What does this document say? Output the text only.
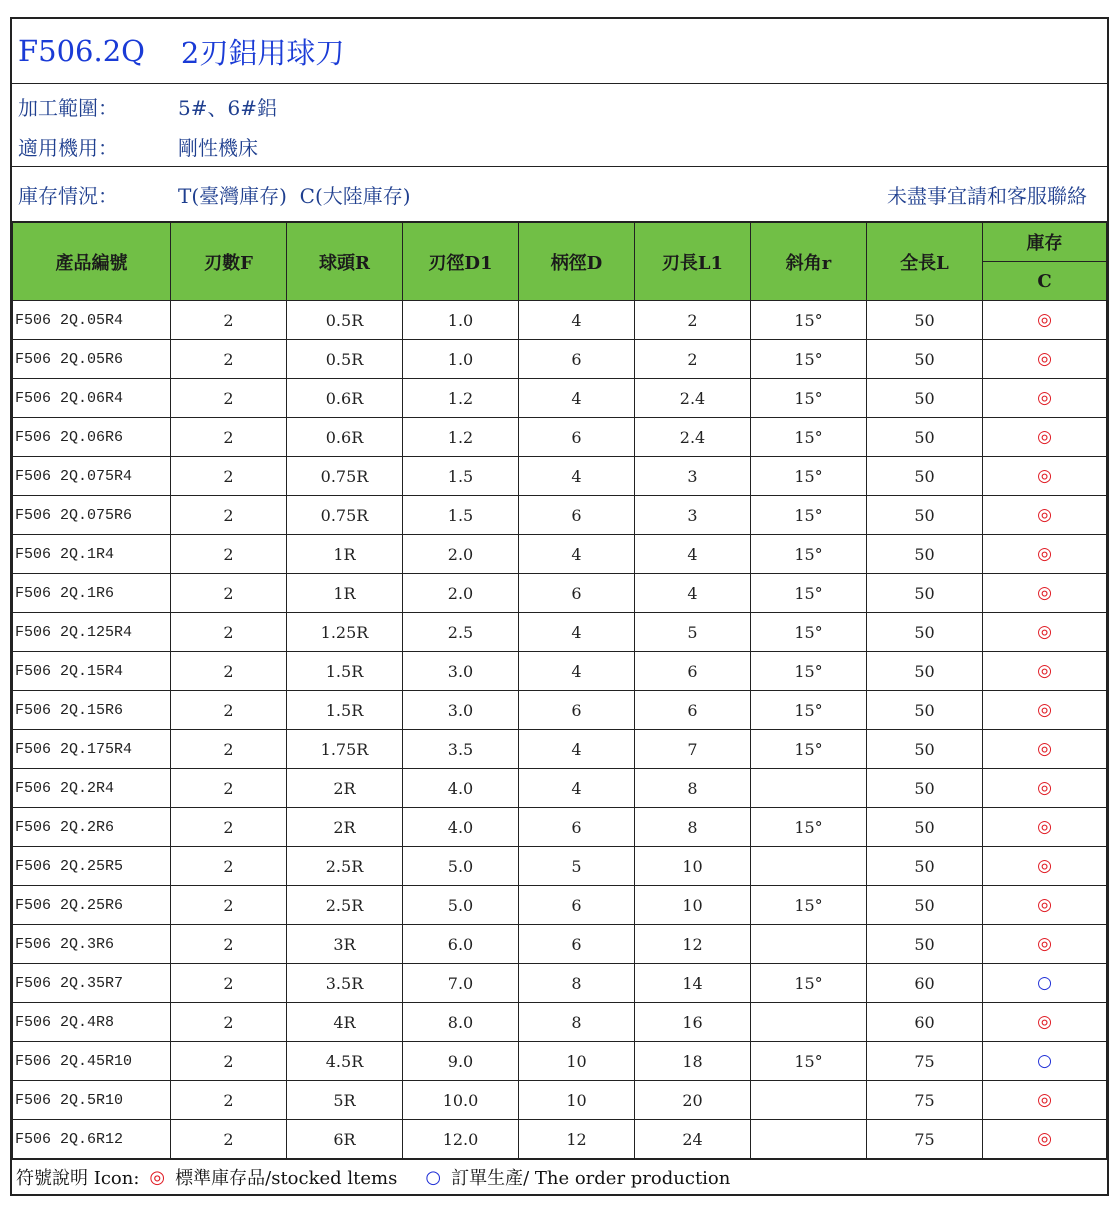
F506.2Q 2刃鋁用球刀
加工範圍：	5#、6#鋁
適用機用：	剛性機床
庫存情況：	T(臺灣庫存)  C(大陸庫存)	未盡事宜請和客服聯絡
產品編號	刃數F	球頭R	刃徑D1	柄徑D	刃長L1	斜角r	全長L	庫存
								C
F506 2Q.05R4	2	0.5R	1.0	4	2	15°	50	◎
F506 2Q.05R6	2	0.5R	1.0	6	2	15°	50	◎
F506 2Q.06R4	2	0.6R	1.2	4	2.4	15°	50	◎
F506 2Q.06R6	2	0.6R	1.2	6	2.4	15°	50	◎
F506 2Q.075R4	2	0.75R	1.5	4	3	15°	50	◎
F506 2Q.075R6	2	0.75R	1.5	6	3	15°	50	◎
F506 2Q.1R4	2	1R	2.0	4	4	15°	50	◎
F506 2Q.1R6	2	1R	2.0	6	4	15°	50	◎
F506 2Q.125R4	2	1.25R	2.5	4	5	15°	50	◎
F506 2Q.15R4	2	1.5R	3.0	4	6	15°	50	◎
F506 2Q.15R6	2	1.5R	3.0	6	6	15°	50	◎
F506 2Q.175R4	2	1.75R	3.5	4	7	15°	50	◎
F506 2Q.2R4	2	2R	4.0	4	8		50	◎
F506 2Q.2R6	2	2R	4.0	6	8	15°	50	◎
F506 2Q.25R5	2	2.5R	5.0	5	10		50	◎
F506 2Q.25R6	2	2.5R	5.0	6	10	15°	50	◎
F506 2Q.3R6	2	3R	6.0	6	12		50	◎
F506 2Q.35R7	2	3.5R	7.0	8	14	15°	60	○
F506 2Q.4R8	2	4R	8.0	8	16		60	◎
F506 2Q.45R10	2	4.5R	9.0	10	18	15°	75	○
F506 2Q.5R10	2	5R	10.0	10	20		75	◎
F506 2Q.6R12	2	6R	12.0	12	24		75	◎
符號說明 Icon: ◎ 標準庫存品/stocked ltems ○ 訂單生產/ The order production
